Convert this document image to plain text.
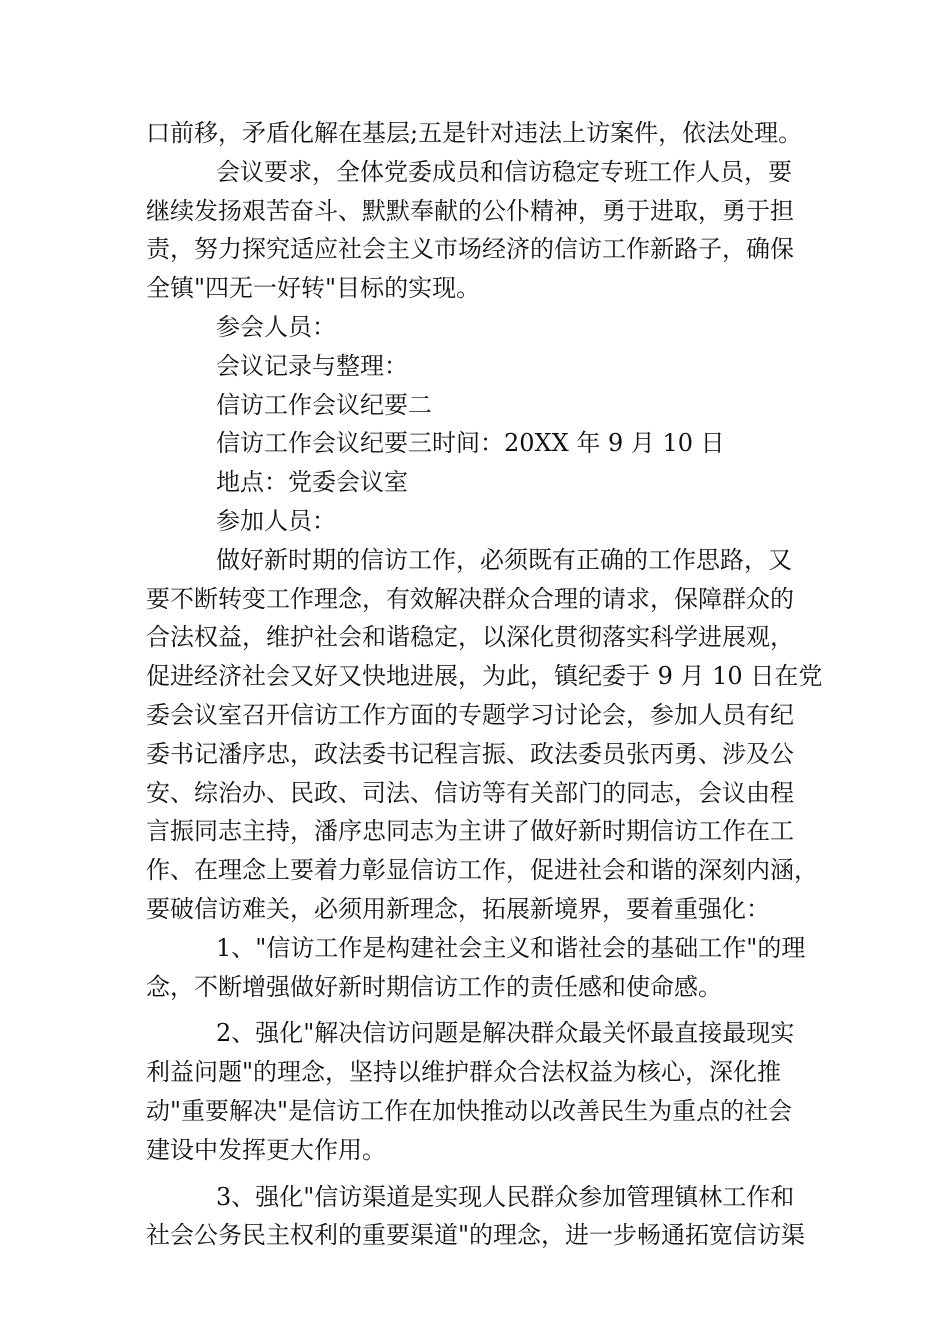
口前移，矛盾化解在基层;五是针对违法上访案件，依法处理。
会议要求，全体党委成员和信访稳定专班工作人员，要
继续发扬艰苦奋斗、默默奉献的公仆精神，勇于进取，勇于担
责，努力探究适应社会主义市场经济的信访工作新路子，确保
全镇"四无一好转"目标的实现。
参会人员：
会议记录与整理：
信访工作会议纪要二
信访工作会议纪要三时间：20XX 年 9 月 10 日
地点：党委会议室
参加人员：
做好新时期的信访工作，必须既有正确的工作思路，又
要不断转变工作理念，有效解决群众合理的请求，保障群众的
合法权益，维护社会和谐稳定，以深化贯彻落实科学进展观，
促进经济社会又好又快地进展，为此，镇纪委于 9 月 10 日在党
委会议室召开信访工作方面的专题学习讨论会，参加人员有纪
委书记潘序忠，政法委书记程言振、政法委员张丙勇、涉及公
安、综治办、民政、司法、信访等有关部门的同志，会议由程
言振同志主持，潘序忠同志为主讲了做好新时期信访工作在工
作、在理念上要着力彰显信访工作，促进社会和谐的深刻内涵，
要破信访难关，必须用新理念，拓展新境界，要着重强化：
1、"信访工作是构建社会主义和谐社会的基础工作"的理
念，不断增强做好新时期信访工作的责任感和使命感。
2、强化"解决信访问题是解决群众最关怀最直接最现实
利益问题"的理念，坚持以维护群众合法权益为核心，深化推
动"重要解决"是信访工作在加快推动以改善民生为重点的社会
建设中发挥更大作用。
3、强化"信访渠道是实现人民群众参加管理镇林工作和
社会公务民主权利的重要渠道"的理念，进一步畅通拓宽信访渠
